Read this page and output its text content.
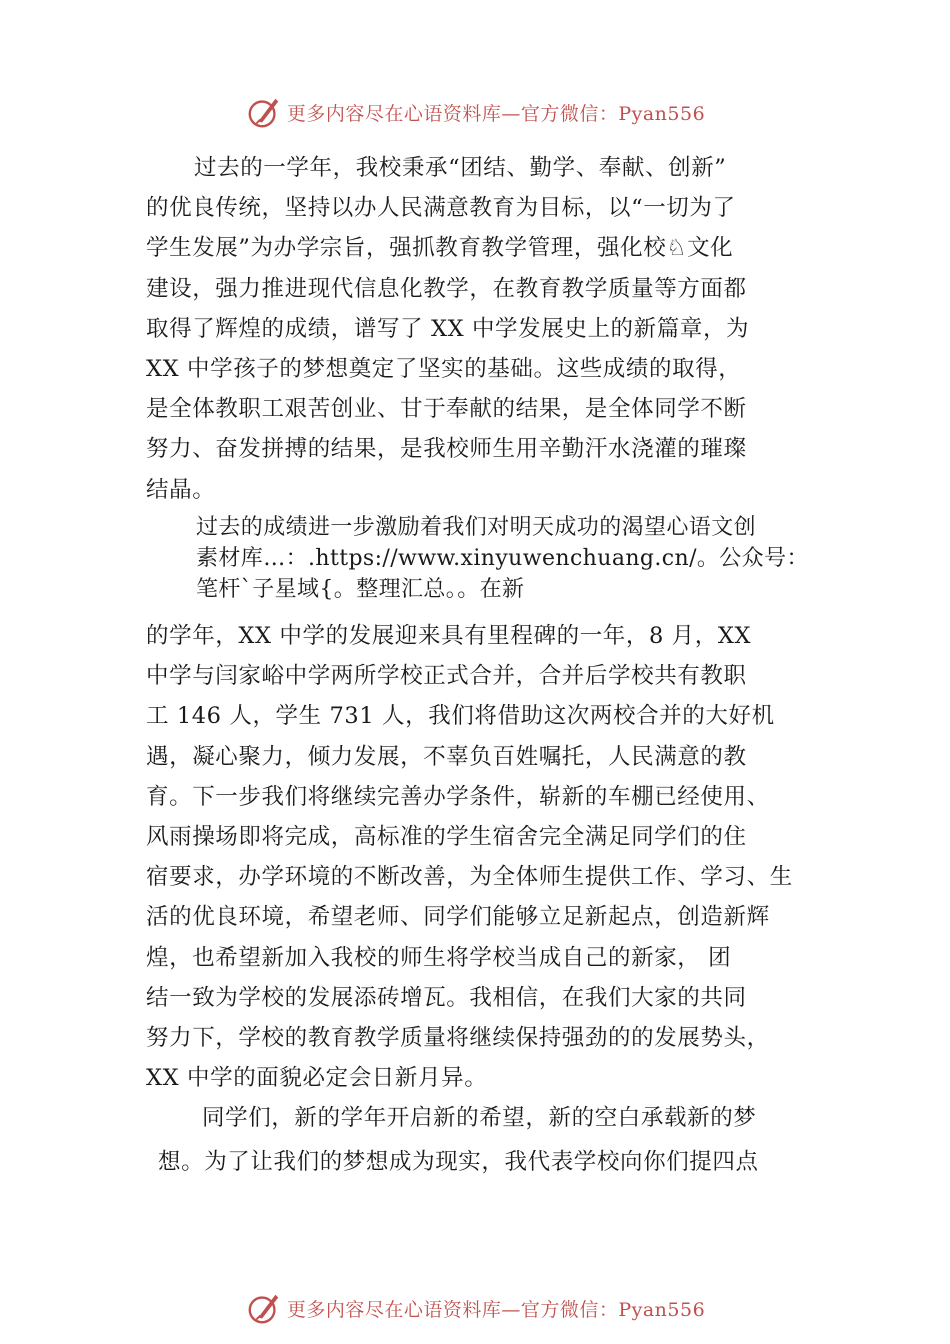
更多内容尽在心语资料库—官方微信：Pyan556
过去的一学年，我校秉承“团结、勤学、奉献、创新”
的优良传统，坚持以办人民满意教育为目标，以“一切为了
学生发展”为办学宗旨，强抓教育教学管理，强化校♘文化
建设，强力推进现代信息化教学，在教育教学质量等方面都
取得了辉煌的成绩，谱写了 XX 中学发展史上的新篇章，为
XX 中学孩子的梦想奠定了坚实的基础。这些成绩的取得，
是全体教职工艰苦创业、甘于奉献的结果，是全体同学不断
努力、奋发拼搏的结果，是我校师生用辛勤汗水浇灌的璀璨
结晶。
过去的成绩进一步激励着我们对明天成功的渴望心语文创
素材库…：.https://www.xinyuwenchuang.cn/。公众号：
笔杆`子星域{。整理汇总。。在新
的学年，XX 中学的发展迎来具有里程碑的一年，8 月，XX
中学与闫家峪中学两所学校正式合并，合并后学校共有教职
工 146 人，学生 731 人，我们将借助这次两校合并的大好机
遇，凝心聚力，倾力发展，不辜负百姓嘱托，人民满意的教
育。下一步我们将继续完善办学条件，崭新的车棚已经使用、
风雨操场即将完成，高标准的学生宿舍完全满足同学们的住
宿要求，办学环境的不断改善，为全体师生提供工作、学习、生
活的优良环境，希望老师、同学们能够立足新起点，创造新辉
煌，也希望新加入我校的师生将学校当成自己的新家， 团
结一致为学校的发展添砖增瓦。我相信，在我们大家的共同
努力下，学校的教育教学质量将继续保持强劲的的发展势头，
XX 中学的面貌必定会日新月异。
同学们，新的学年开启新的希望，新的空白承载新的梦
想。为了让我们的梦想成为现实，我代表学校向你们提四点
更多内容尽在心语资料库—官方微信：Pyan556
